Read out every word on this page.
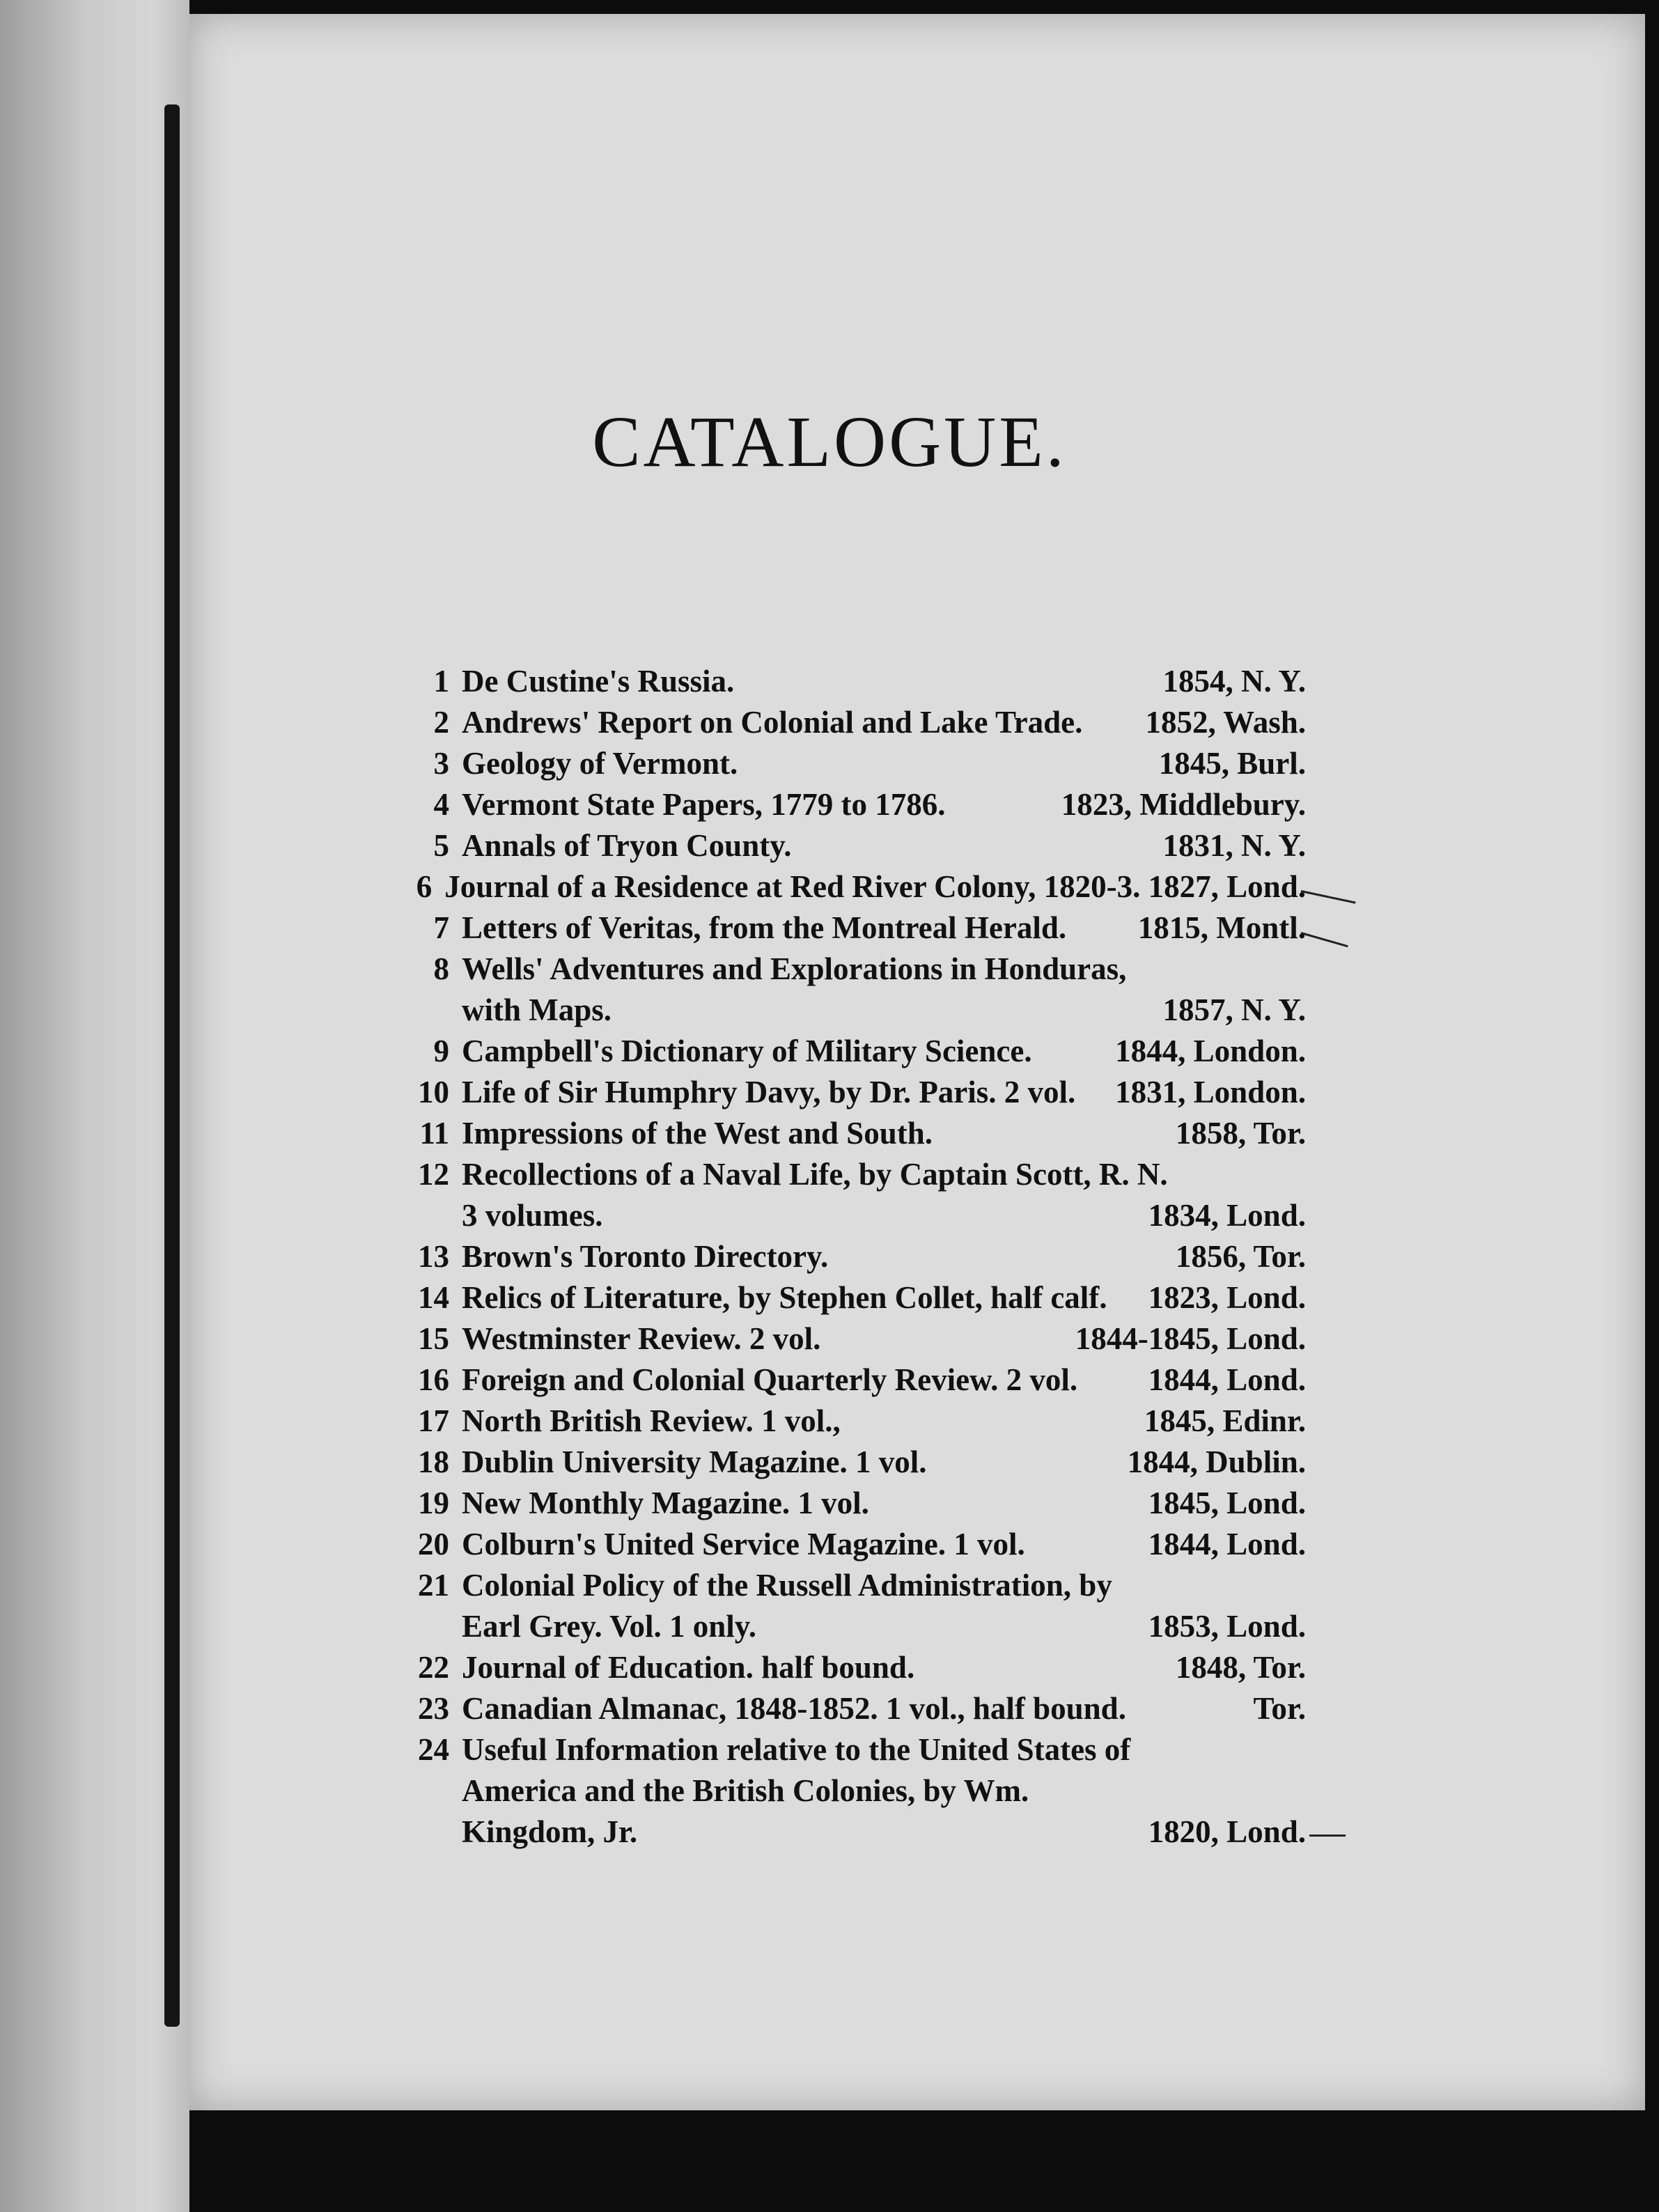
CATALOGUE.
1 De Custine's Russia.	1854, N. Y.
2 Andrews' Report on Colonial and Lake Trade. 1852, Wash.
3 Geology of Vermont.	1845, Burl.
4 Vermont State Papers, 1779 to 1786.	1823, Middlebury.
5 Annals of Tryon County.	1831, N. Y.
6 Journal of a Residence at Red River Colony, 1820-3. 1827, Lond.
7 Letters of Veritas, from the Montreal Herald. 1815, Montl.
8 Wells' Adventures and Explorations in Honduras,
with Maps.	1857, N. Y.
9 Campbell's Dictionary of Military Science.	1844, London.
10 Life of Sir Humphry Davy, by Dr. Paris. 2 vol. 1831, London.
11 Impressions of the West and South.	1858, Tor.
12 Recollections of a Naval Life, by Captain Scott, R. N.
3 volumes.	1834, Lond.
13 Brown's Toronto Directory.	1856, Tor.
14 Relics of Literature, by Stephen Collet, half calf. 1823, Lond.
15 Westminster Review. 2 vol.	1844-1845, Lond.
16 Foreign and Colonial Quarterly Review. 2 vol. 1844, Lond.
17 North British Review. 1 vol.,	1845, Edinr.
18 Dublin University Magazine. 1 vol.	1844, Dublin.
19 New Monthly Magazine. 1 vol.	1845, Lond.
20 Colburn's United Service Magazine. 1 vol.	1844, Lond.
21 Colonial Policy of the Russell Administration, by
Earl Grey. Vol. 1 only.	1853, Lond.
22 Journal of Education. half bound.	1848, Tor.
23 Canadian Almanac, 1848-1852. 1 vol., half bound.	Tor.
24 Useful Information relative to the United States of
America and the British Colonies, by Wm.
Kingdom, Jr.	1820, Lond.
